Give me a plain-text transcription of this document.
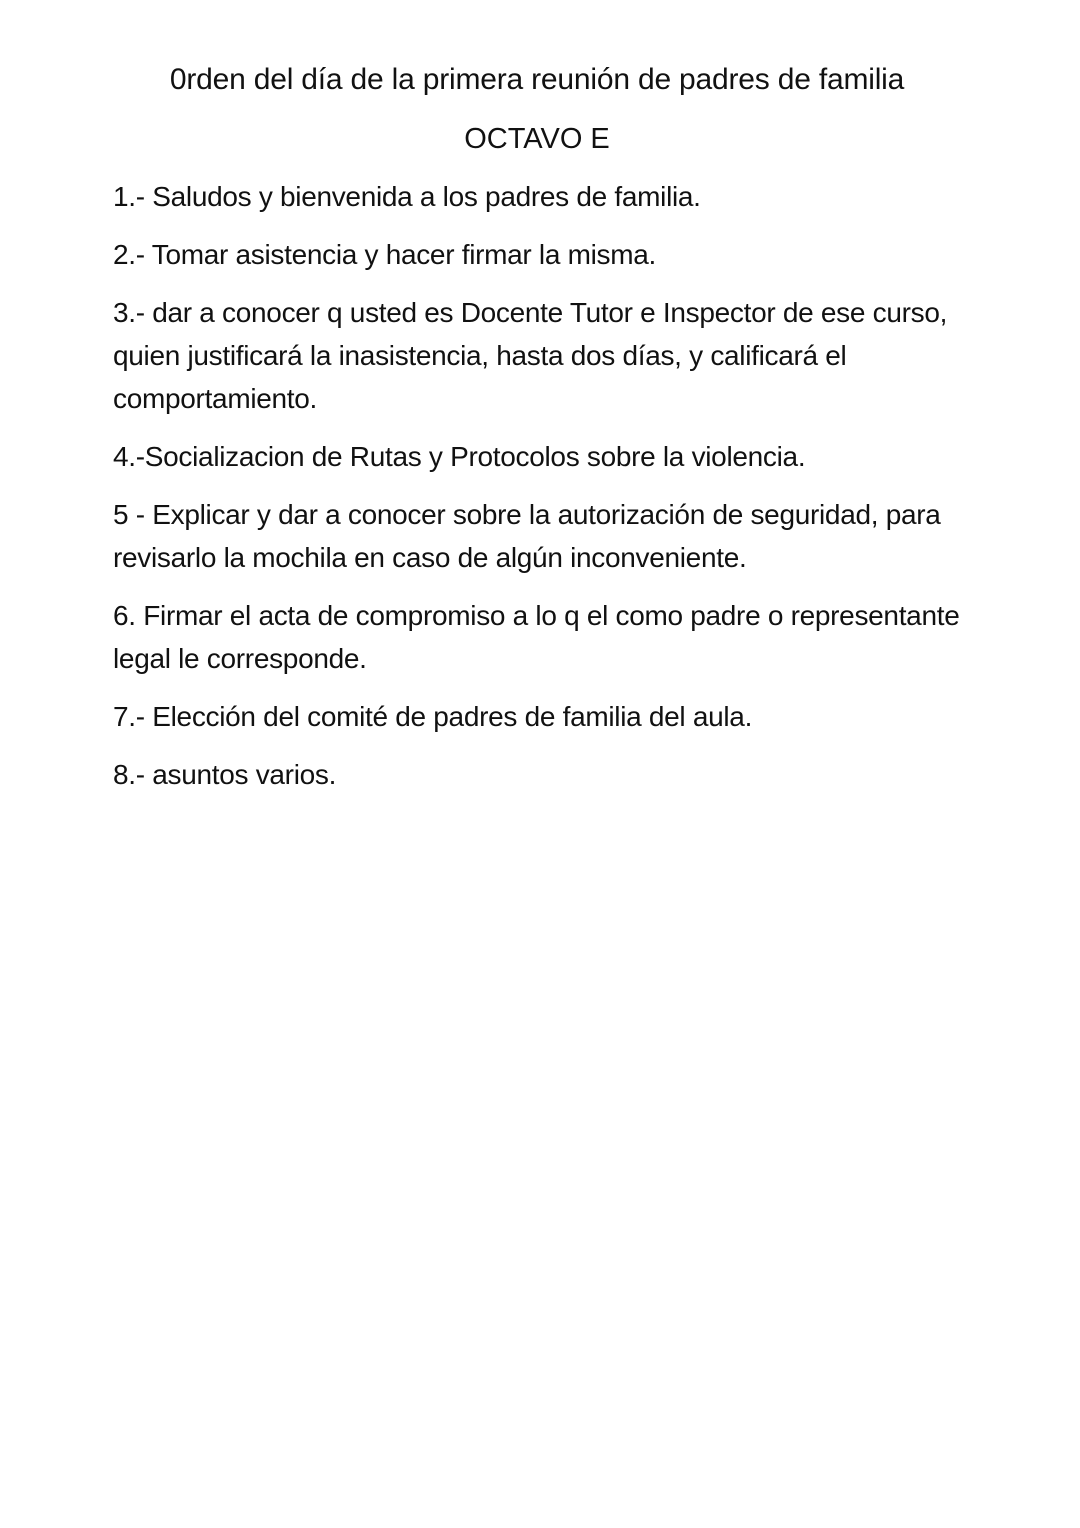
0rden del día de la primera reunión de padres de familia
OCTAVO E

1.- Saludos y bienvenida a los padres de familia.

2.- Tomar asistencia y hacer firmar la misma.

3.- dar a conocer q usted es Docente Tutor e Inspector de ese curso, quien justificará la inasistencia, hasta dos días, y calificará el comportamiento.

4.-Socializacion de Rutas y Protocolos sobre la violencia.

5 - Explicar y dar a conocer sobre la autorización de seguridad, para revisarlo la mochila en caso de algún inconveniente.

6. Firmar el acta de compromiso a lo q el como padre o representante legal le corresponde.

7.- Elección del comité de padres de familia del aula.

8.- asuntos varios.
